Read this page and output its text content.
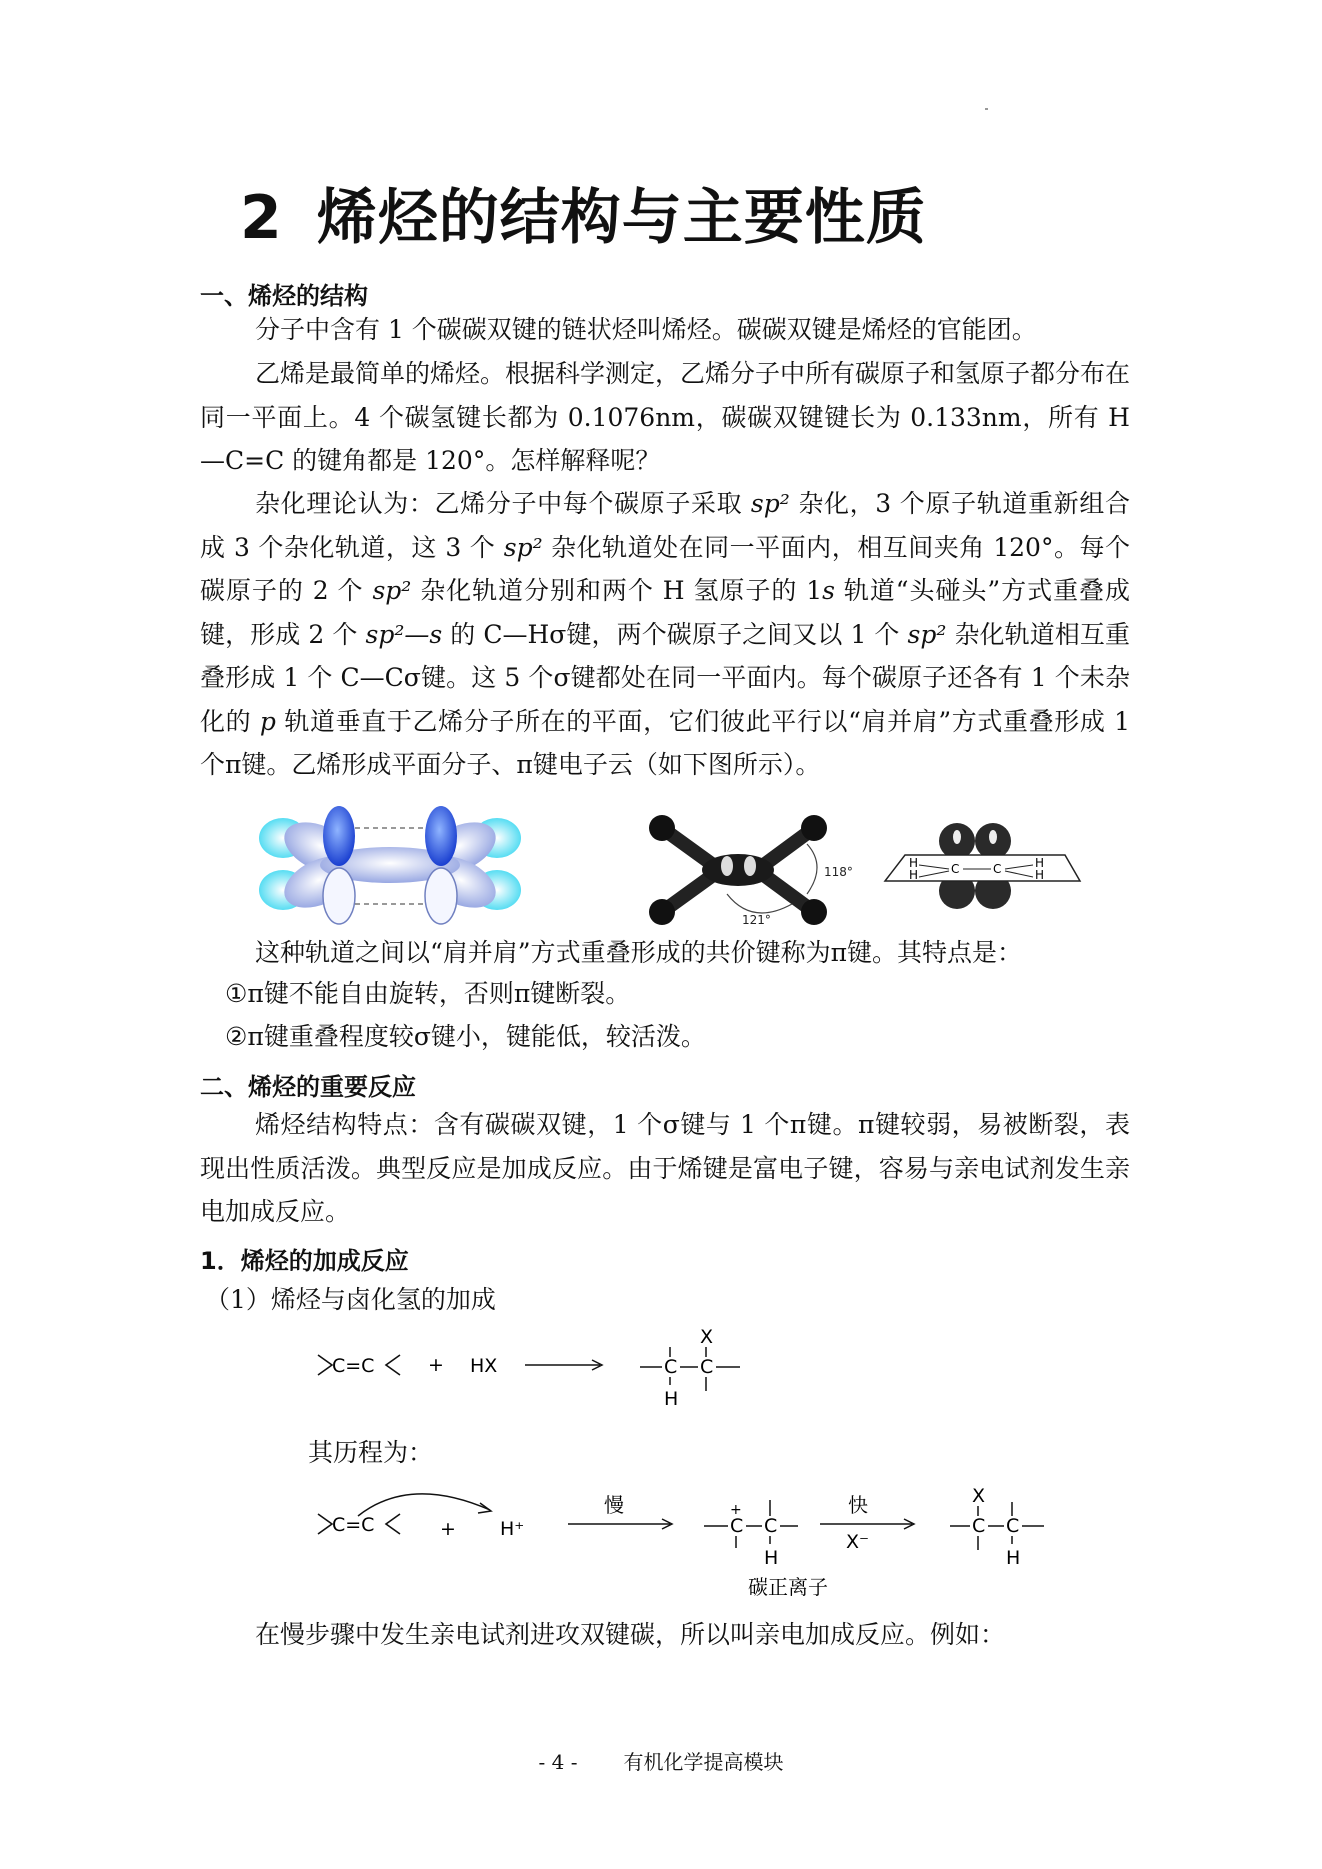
2 烯烃的结构与主要性质
一、烯烃的结构
分子中含有 1 个碳碳双键的链状烃叫烯烃。碳碳双键是烯烃的官能团。
乙烯是最简单的烯烃。根据科学测定，乙烯分子中所有碳原子和氢原子都分布在同一平面上。4 个碳氢键长都为 0.1076nm，碳碳双键键长为 0.133nm，所有 H—C=C 的键角都是 120°。怎样解释呢？
杂化理论认为：乙烯分子中每个碳原子采取 sp² 杂化，3 个原子轨道重新组合成 3 个杂化轨道，这 3 个 sp² 杂化轨道处在同一平面内，相互间夹角 120°。每个碳原子的 2 个 sp² 杂化轨道分别和两个 H 氢原子的 1s 轨道“头碰头”方式重叠成键，形成 2 个 sp²—s 的 C—Hσ键，两个碳原子之间又以 1 个 sp² 杂化轨道相互重叠形成 1 个 C—Cσ键。这 5 个σ键都处在同一平面内。每个碳原子还各有 1 个未杂化的 p 轨道垂直于乙烯分子所在的平面，它们彼此平行以“肩并肩”方式重叠形成 1 个π键。乙烯形成平面分子、π键电子云（如下图所示）。
118°
121°
H
H	C	C	H
H
这种轨道之间以“肩并肩”方式重叠形成的共价键称为π键。其特点是：
①π键不能自由旋转，否则π键断裂。
②π键重叠程度较σ键小，键能低，较活泼。
二、烯烃的重要反应
烯烃结构特点：含有碳碳双键，1 个σ键与 1 个π键。π键较弱，易被断裂，表现出性质活泼。典型反应是加成反应。由于烯键是富电子键，容易与亲电试剂发生亲电加成反应。
1．烯烃的加成反应
（1）烯烃与卤化氢的加成
C=C	+ HX	C C
X
H
其历程为：
C=C	+ H⁺
慢	+
C C
H
碳正离子
快
X⁻
C C
X
H
在慢步骤中发生亲电试剂进攻双键碳，所以叫亲电加成反应。例如：
- 4 - 有机化学提高模块
